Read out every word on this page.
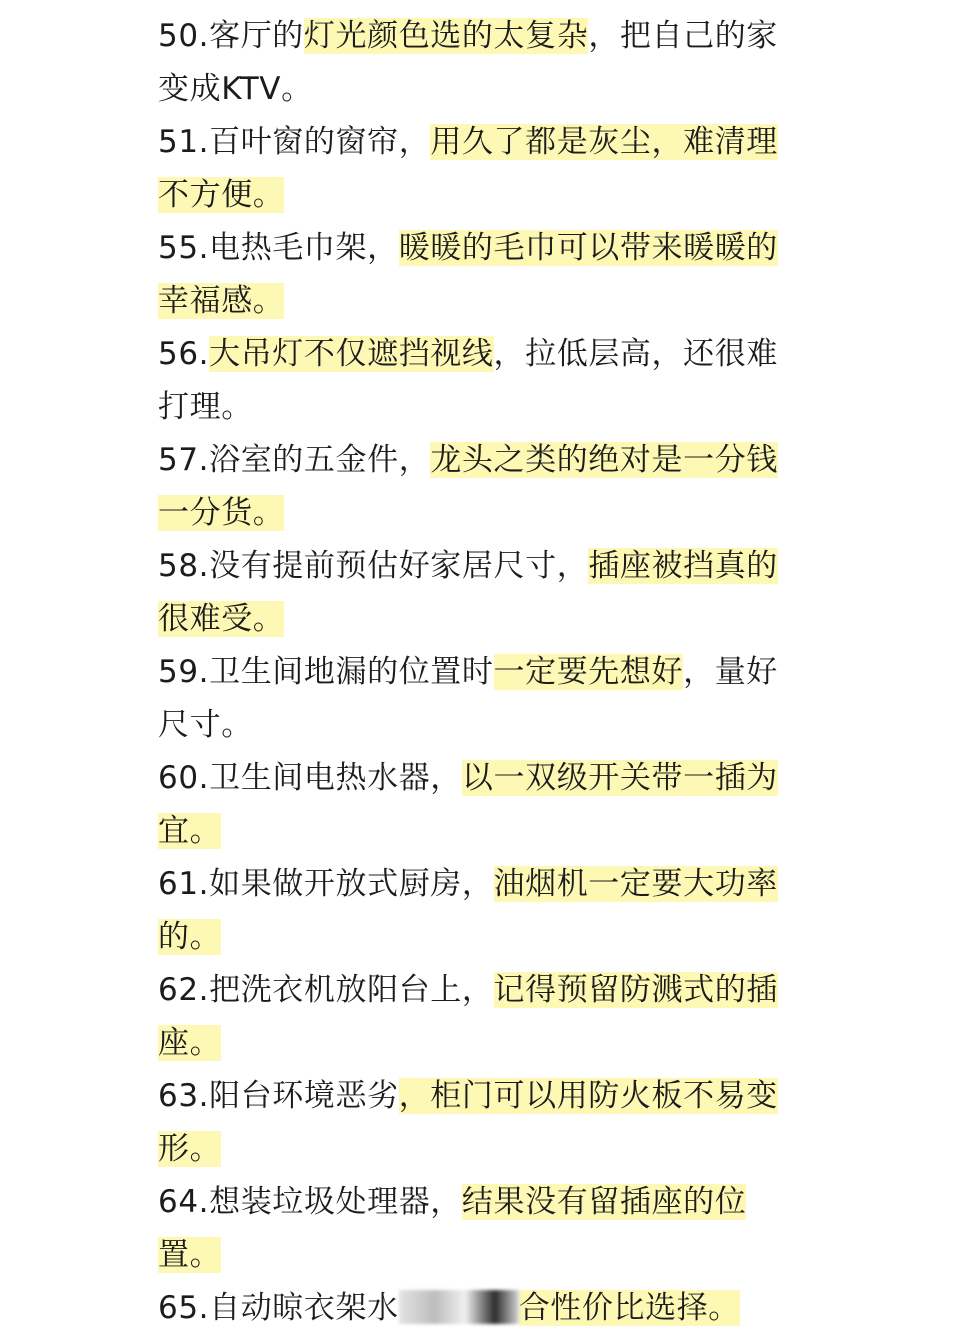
50.客厅的灯光颜色选的太复杂，把自己的家变成KTV。
51.百叶窗的窗帘，用久了都是灰尘，难清理不方便。
55.电热毛巾架，暖暖的毛巾可以带来暖暖的幸福感。
56.大吊灯不仅遮挡视线，拉低层高，还很难打理。
57.浴室的五金件，龙头之类的绝对是一分钱一分货。
58.没有提前预估好家居尺寸，插座被挡真的很难受。
59.卫生间地漏的位置时一定要先想好，量好尺寸。
60.卫生间电热水器，以一双级开关带一插为宜。
61.如果做开放式厨房，油烟机一定要大功率的。
62.把洗衣机放阳台上，记得预留防溅式的插座。
63.阳台环境恶劣，柜门可以用防火板不易变形。
64.想装垃圾处理器，结果没有留插座的位置。
65.自动晾衣架水	合性价比选择。
